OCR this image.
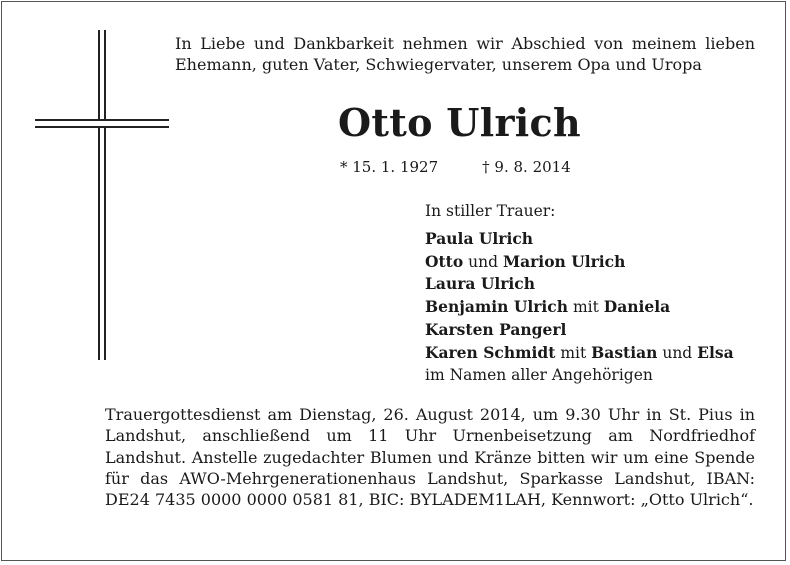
In Liebe und Dankbarkeit nehmen wir Abschied von meinem lieben Ehemann, guten Vater, Schwiegervater, unserem Opa und Uropa
Otto Ulrich
* 15. 1. 1927	† 9. 8. 2014
In stiller Trauer:
Paula Ulrich
Otto und Marion Ulrich
Laura Ulrich
Benjamin Ulrich mit Daniela
Karsten Pangerl
Karen Schmidt mit Bastian und Elsa
im Namen aller Angehörigen
Trauergottesdienst am Dienstag, 26. August 2014, um 9.30 Uhr in St. Pius in Landshut, anschließend um 11 Uhr Urnenbeisetzung am Nordfriedhof Landshut. Anstelle zugedachter Blumen und Kränze bitten wir um eine Spende für das AWO-Mehrgenerationenhaus Landshut, Sparkasse Landshut, IBAN: DE24 7435 0000 0000 0581 81, BIC: BYLADEM1LAH, Kennwort: „Otto Ulrich“.
